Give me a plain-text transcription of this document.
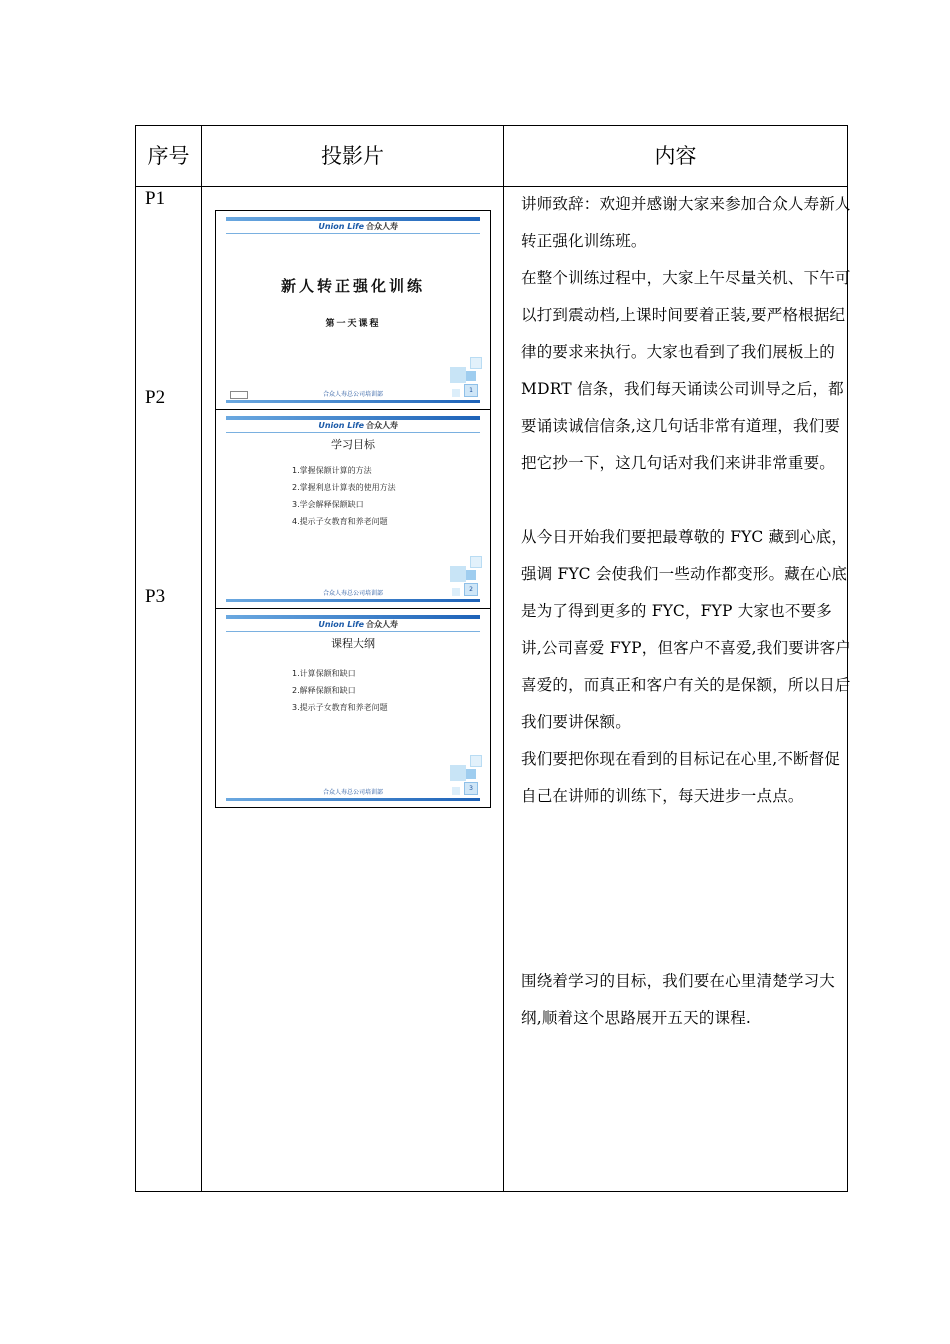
序号	投影片	内容
P1
P2
P3
Union Life 合众人寿
新人转正强化训练
第一天课程
合众人寿总公司培训部
1
Union Life 合众人寿
学习目标
1.掌握保额计算的方法
2.掌握利息计算表的使用方法
3.学会解释保额缺口
4.提示子女教育和养老问题
合众人寿总公司培训部
2
Union Life 合众人寿
课程大纲
1.计算保额和缺口
2.解释保额和缺口
3.提示子女教育和养老问题
合众人寿总公司培训部
3

讲师致辞：欢迎并感谢大家来参加合众人寿新人转正强化训练班。

在整个训练过程中，大家上午尽量关机、下午可以打到震动档,上课时间要着正装,要严格根据纪律的要求来执行。大家也看到了我们展板上的 MDRT 信条，我们每天诵读公司训导之后，都要诵读诚信信条,这几句话非常有道理，我们要把它抄一下，这几句话对我们来讲非常重要。

从今日开始我们要把最尊敬的 FYC 藏到心底，强调 FYC 会使我们一些动作都变形。藏在心底是为了得到更多的 FYC，FYP 大家也不要多讲,公司喜爱 FYP，但客户不喜爱,我们要讲客户喜爱的，而真正和客户有关的是保额，所以日后我们要讲保额。

我们要把你现在看到的目标记在心里,不断督促自己在讲师的训练下，每天进步一点点。

围绕着学习的目标，我们要在心里清楚学习大纲,顺着这个思路展开五天的课程.
